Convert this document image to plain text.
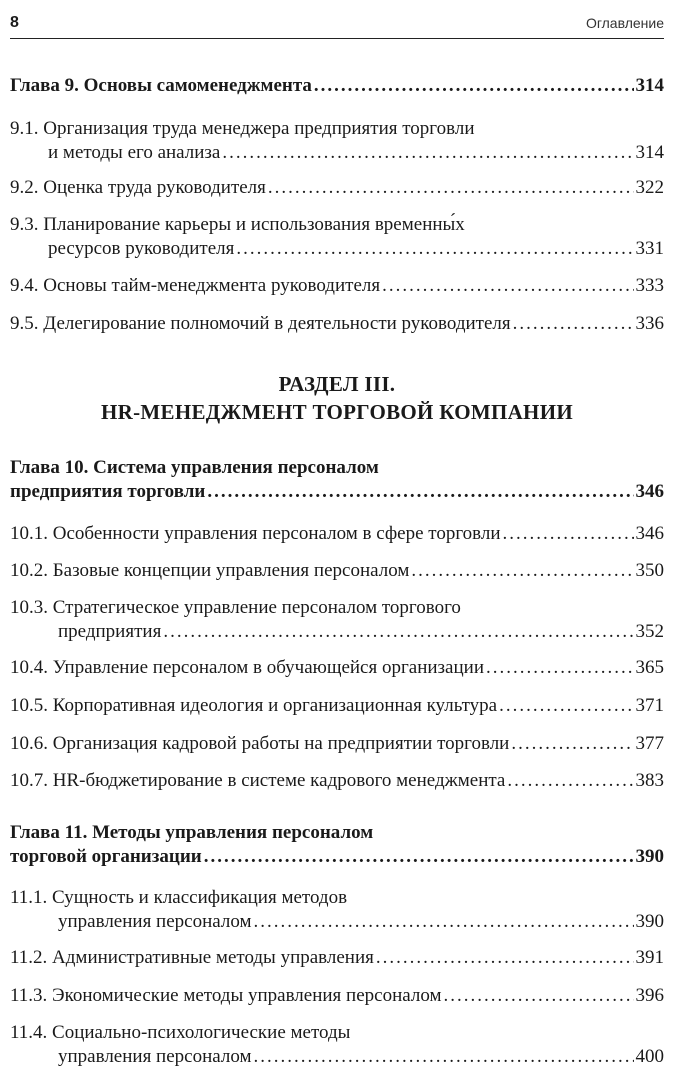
8	Оглавление
Глава 9. Основы самоменеджмента .....	314
9.1. Организация труда менеджера предприятия торговли
и методы его анализа .....	314
9.2. Оценка труда руководителя .....	322
9.3. Планирование карьеры и использования временны́х
ресурсов руководителя .....	331
9.4. Основы тайм-менеджмента руководителя .....	333
9.5. Делегирование полномочий в деятельности руководителя .....	336
РАЗДЕЛ III.
HR-МЕНЕДЖМЕНТ ТОРГОВОЙ КОМПАНИИ
Глава 10. Система управления персоналом
предприятия торговли .....	346
10.1. Особенности управления персоналом в сфере торговли .....	346
10.2. Базовые концепции управления персоналом .....	350
10.3. Стратегическое управление персоналом торгового
предприятия .....	352
10.4. Управление персоналом в обучающейся организации .....	365
10.5. Корпоративная идеология и организационная культура .....	371
10.6. Организация кадровой работы на предприятии торговли .....	377
10.7. HR-бюджетирование в системе кадрового менеджмента .....	383
Глава 11. Методы управления персоналом
торговой организации .....	390
11.1. Сущность и классификация методов
управления персоналом .....	390
11.2. Административные методы управления .....	391
11.3. Экономические методы управления персоналом .....	396
11.4. Социально-психологические методы
управления персоналом .....	400
